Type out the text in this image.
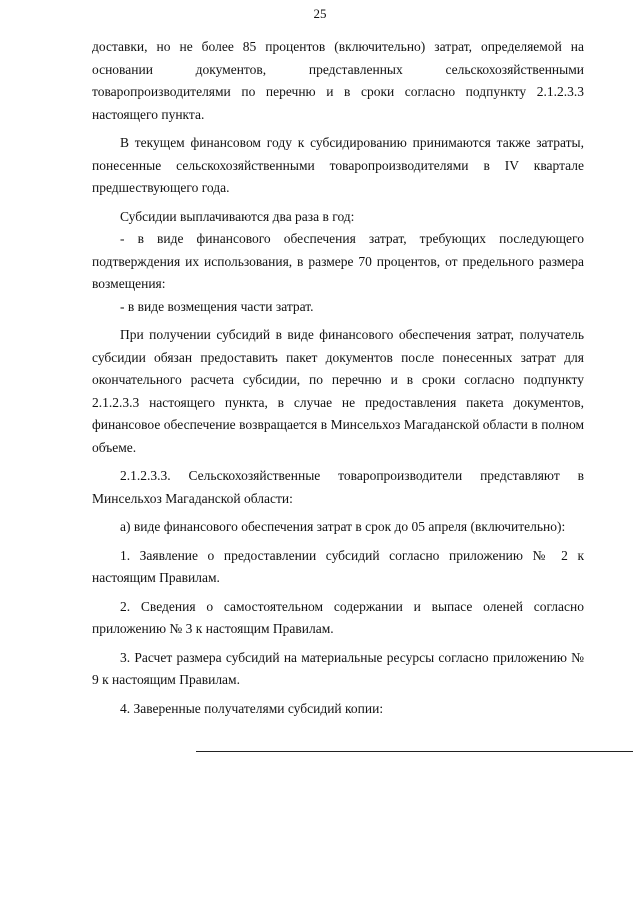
25

доставки, но не более 85 процентов (включительно) затрат, определяемой на основании документов, представленных сельскохозяйственными товаропроизводителями по перечню и в сроки согласно подпункту 2.1.2.3.3 настоящего пункта.

В текущем финансовом году к субсидированию принимаются также затраты, понесенные сельскохозяйственными товаропроизводителями в IV квартале предшествующего года.

Субсидии выплачиваются два раза в год:

- в виде финансового обеспечения затрат, требующих последующего подтверждения их использования, в размере 70 процентов, от предельного размера возмещения:

- в виде возмещения части затрат.

При получении субсидий в виде финансового обеспечения затрат, получатель субсидии обязан предоставить пакет документов после понесенных затрат для окончательного расчета субсидии, по перечню и в сроки согласно подпункту 2.1.2.3.3 настоящего пункта, в случае не предоставления пакета документов, финансовое обеспечение возвращается в Минсельхоз Магаданской области в полном объеме.

2.1.2.3.3. Сельскохозяйственные товаропроизводители представляют в Минсельхоз Магаданской области:

а) виде финансового обеспечения затрат в срок до 05 апреля (включительно):

1. Заявление о предоставлении субсидий согласно приложению № 2 к настоящим Правилам.

2. Сведения о самостоятельном содержании и выпасе оленей согласно приложению № 3 к настоящим Правилам.

3. Расчет размера субсидий на материальные ресурсы согласно приложению № 9 к настоящим Правилам.

4. Заверенные получателями субсидий копии:
